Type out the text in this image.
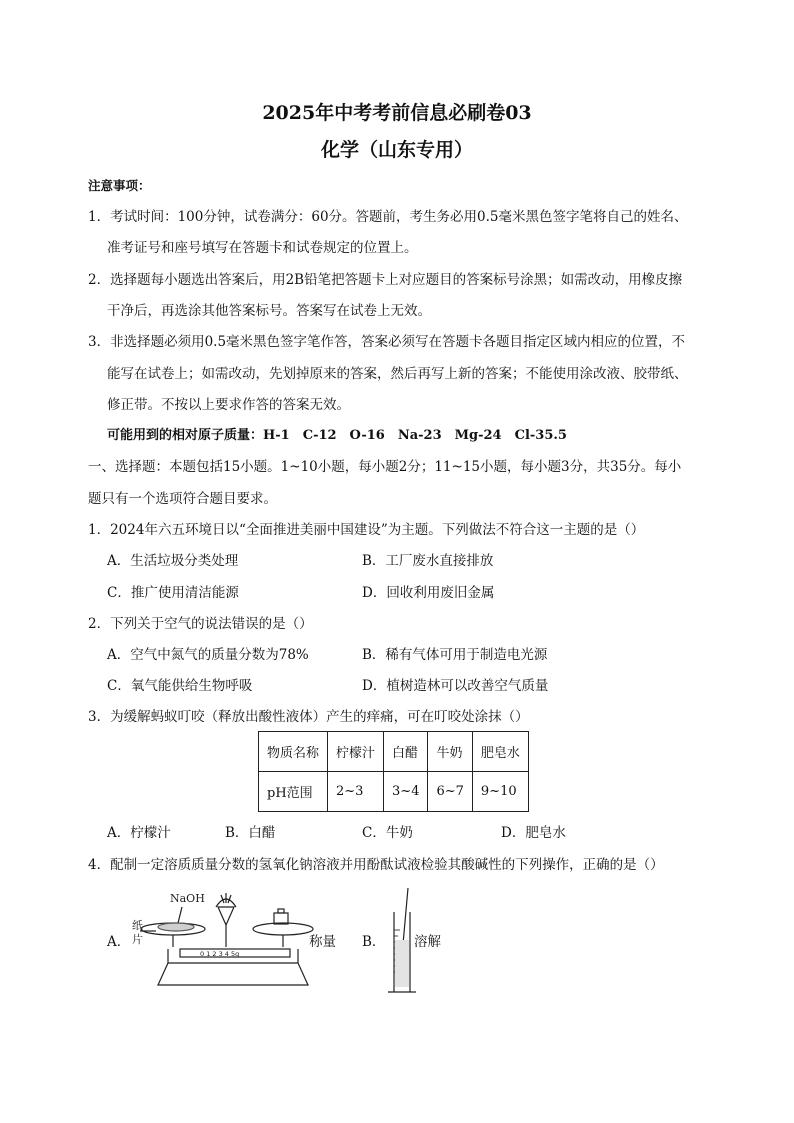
2025年中考考前信息必刷卷03
化学（山东专用）
注意事项：
1．考试时间：100分钟，试卷满分：60分。答题前，考生务必用0.5毫米黑色签字笔将自己的姓名、
准考证号和座号填写在答题卡和试卷规定的位置上。
2．选择题每小题选出答案后，用2B铅笔把答题卡上对应题目的答案标号涂黑；如需改动，用橡皮擦
干净后，再选涂其他答案标号。答案写在试卷上无效。
3．非选择题必须用0.5毫米黑色签字笔作答，答案必须写在答题卡各题目指定区域内相应的位置，不
能写在试卷上；如需改动，先划掉原来的答案，然后再写上新的答案；不能使用涂改液、胶带纸、
修正带。不按以上要求作答的答案无效。
可能用到的相对原子质量：H-1　C-12　O-16　Na-23　Mg-24　Cl-35.5
一、选择题：本题包括15小题。1~10小题，每小题2分；11~15小题，每小题3分，共35分。每小
题只有一个选项符合题目要求。
1．2024年六五环境日以“全面推进美丽中国建设”为主题。下列做法不符合这一主题的是（）
A．生活垃圾分类处理	B．工厂废水直接排放
C．推广使用清洁能源	D．回收利用废旧金属
2．下列关于空气的说法错误的是（）
A．空气中氮气的质量分数为78%	B．稀有气体可用于制造电光源
C．氧气能供给生物呼吸	D．植树造林可以改善空气质量
3．为缓解蚂蚁叮咬（释放出酸性液体）产生的痒痛，可在叮咬处涂抹（）
物质名称	柠檬汁	白醋	牛奶	肥皂水
pH范围	2~3	3~4	6~7	9~10
A．柠檬汁	B．白醋	C．牛奶	D．肥皂水
4．配制一定溶质质量分数的氢氧化钠溶液并用酚酞试液检验其酸碱性的下列操作，正确的是（）
A．
NaOH
纸
片
0 1 2 3 4 5g
称量 B． 溶解
